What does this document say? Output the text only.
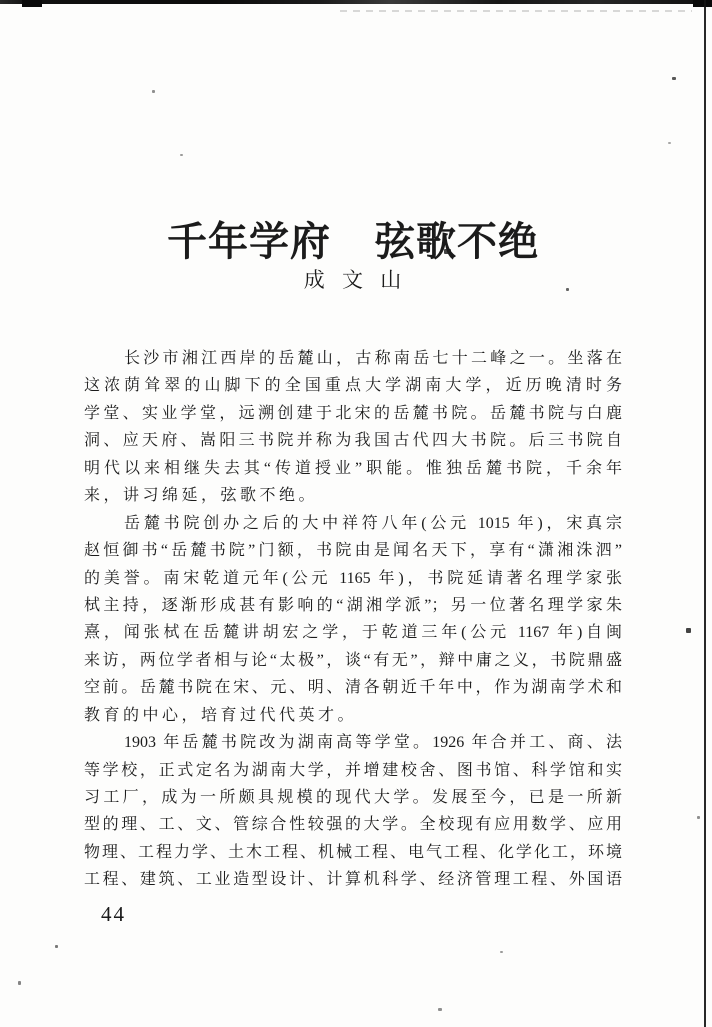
千年学府 弦歌不绝
成 文 山
长沙市湘江西岸的岳麓山，古称南岳七十二峰之一。坐落在
这浓荫耸翠的山脚下的全国重点大学湖南大学，近历晚清时务
学堂、实业学堂，远溯创建于北宋的岳麓书院。岳麓书院与白鹿
洞、应天府、嵩阳三书院并称为我国古代四大书院。后三书院自
明代以来相继失去其“传道授业”职能。惟独岳麓书院，千余年
来，讲习绵延，弦歌不绝。
岳麓书院创办之后的大中祥符八年(公元 1015 年)，宋真宗
赵恒御书“岳麓书院”门额，书院由是闻名天下，享有“潇湘洙泗”
的美誉。南宋乾道元年(公元 1165 年)，书院延请著名理学家张
栻主持，逐渐形成甚有影响的“湖湘学派”；另一位著名理学家朱
熹，闻张栻在岳麓讲胡宏之学，于乾道三年(公元 1167 年)自闽
来访，两位学者相与论“太极”，谈“有无”，辩中庸之义，书院鼎盛
空前。岳麓书院在宋、元、明、清各朝近千年中，作为湖南学术和
教育的中心，培育过代代英才。
1903 年岳麓书院改为湖南高等学堂。1926 年合并工、商、法
等学校，正式定名为湖南大学，并增建校舍、图书馆、科学馆和实
习工厂，成为一所颇具规模的现代大学。发展至今，已是一所新
型的理、工、文、管综合性较强的大学。全校现有应用数学、应用
物理、工程力学、土木工程、机械工程、电气工程、化学化工，环境
工程、建筑、工业造型设计、计算机科学、经济管理工程、外国语
44
